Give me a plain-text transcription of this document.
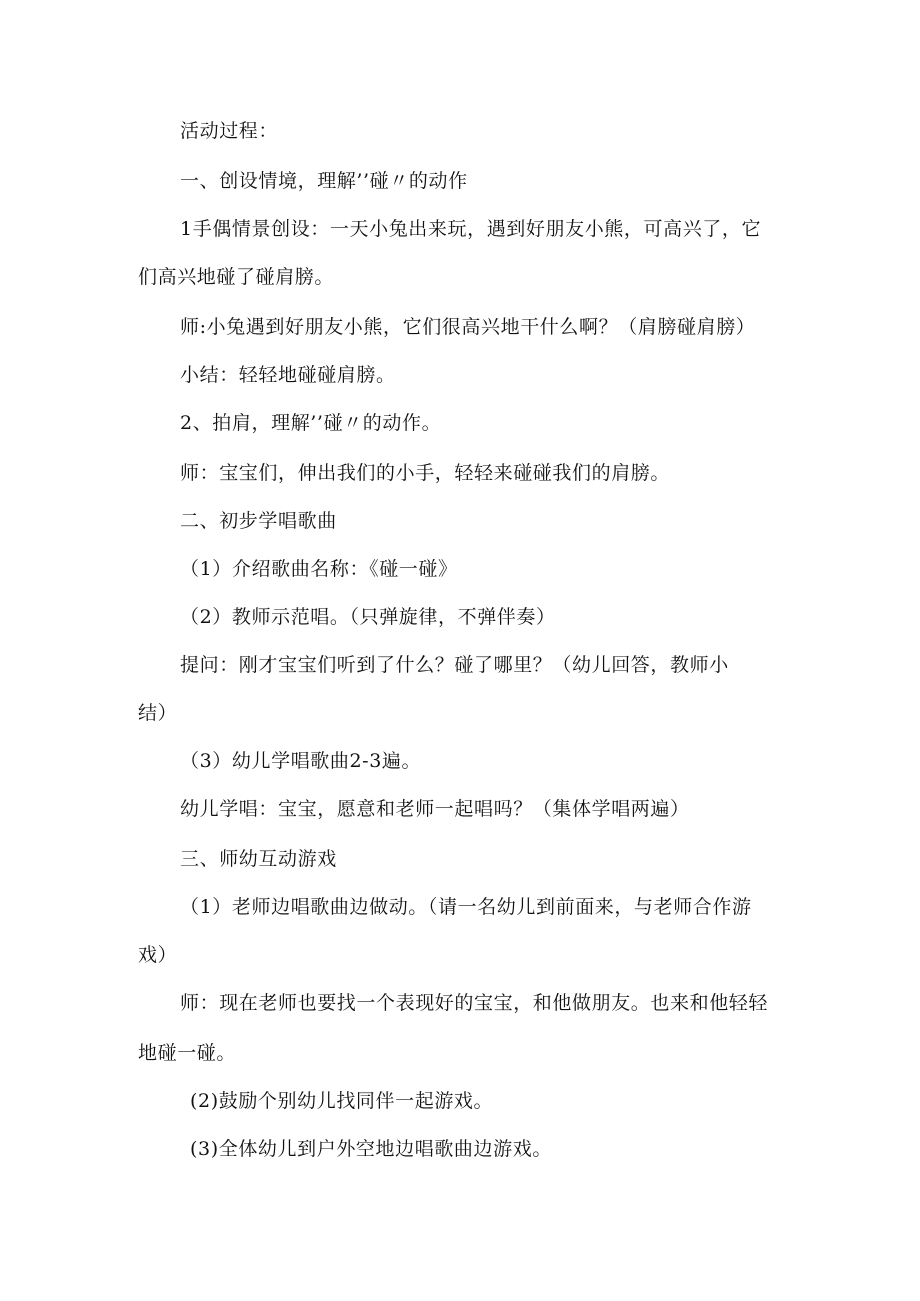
活动过程：
一、创设情境，理解’’碰〃的动作
1手偶情景创设：一天小兔出来玩，遇到好朋友小熊，可高兴了，它
们高兴地碰了碰肩膀。
师:小兔遇到好朋友小熊，它们很高兴地干什么啊？（肩膀碰肩膀）
小结：轻轻地碰碰肩膀。
2、拍肩，理解’’碰〃的动作。
师：宝宝们，伸出我们的小手，轻轻来碰碰我们的肩膀。
二、初步学唱歌曲
（1）介绍歌曲名称：《碰一碰》
（2）教师示范唱。（只弹旋律，不弹伴奏）
提问：刚才宝宝们听到了什么？碰了哪里？（幼儿回答，教师小
结）
（3）幼儿学唱歌曲2-3遍。
幼儿学唱：宝宝，愿意和老师一起唱吗？（集体学唱两遍）
三、师幼互动游戏
（1）老师边唱歌曲边做动。（请一名幼儿到前面来，与老师合作游
戏）
师：现在老师也要找一个表现好的宝宝，和他做朋友。也来和他轻轻
地碰一碰。
(2)鼓励个别幼儿找同伴一起游戏。
(3)全体幼儿到户外空地边唱歌曲边游戏。
